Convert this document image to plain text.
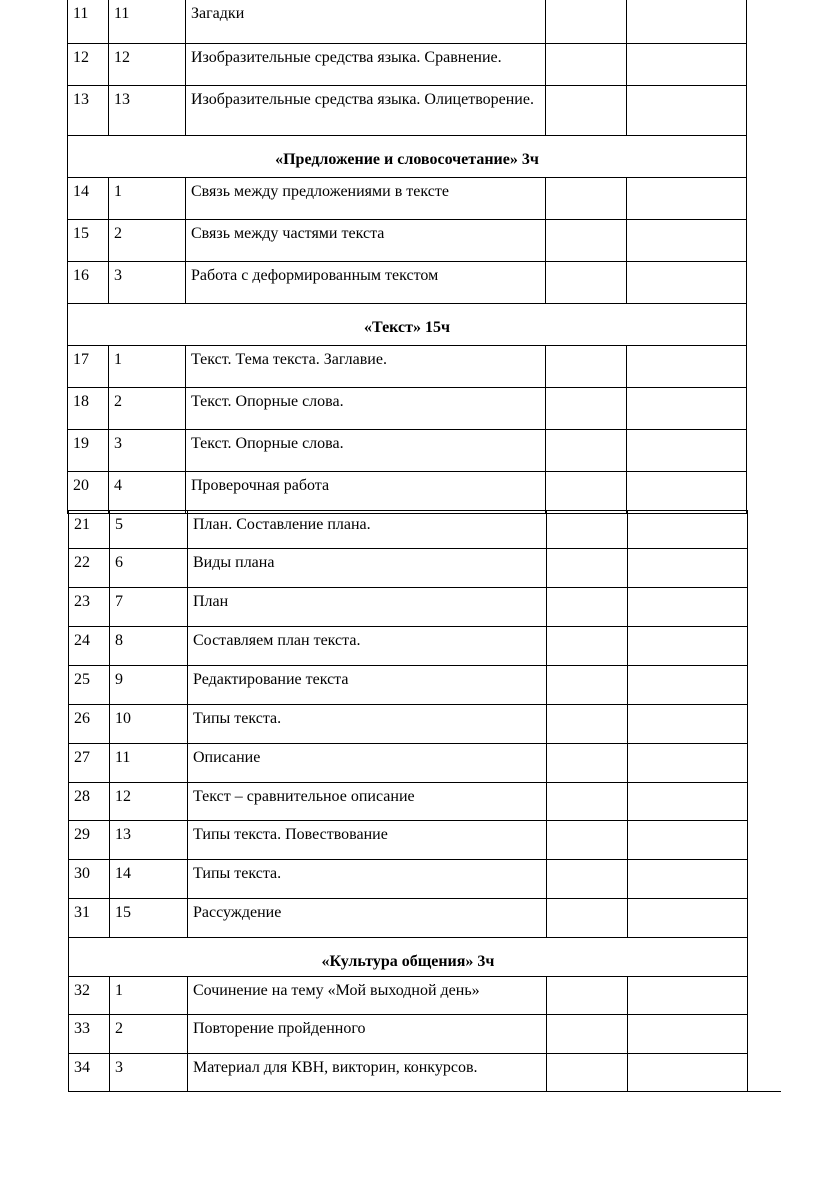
11	11	Загадки		
12	12	Изобразительные средства языка. Сравнение.		
13	13	Изобразительные средства языка. Олицетворение.		
«Предложение и словосочетание» 3ч				
14	1	Связь между предложениями в тексте		
15	2	Связь между частями текста		
16	3	Работа с деформированным текстом		
«Текст» 15ч				
17	1	Текст. Тема текста. Заглавие.		
18	2	Текст. Опорные слова.		
19	3	Текст. Опорные слова.		
20	4	Проверочная работа		
21	5	План. Составление плана.		
22	6	Виды плана		
23	7	План		
24	8	Составляем план текста.		
25	9	Редактирование текста		
26	10	Типы текста.		
27	11	Описание		
28	12	Текст – сравнительное описание		
29	13	Типы текста. Повествование		
30	14	Типы текста.		
31	15	Рассуждение		
«Культура общения» 3ч				
32	1	Сочинение на тему «Мой выходной день»		
33	2	Повторение пройденного		
34	3	Материал для КВН, викторин, конкурсов.		
